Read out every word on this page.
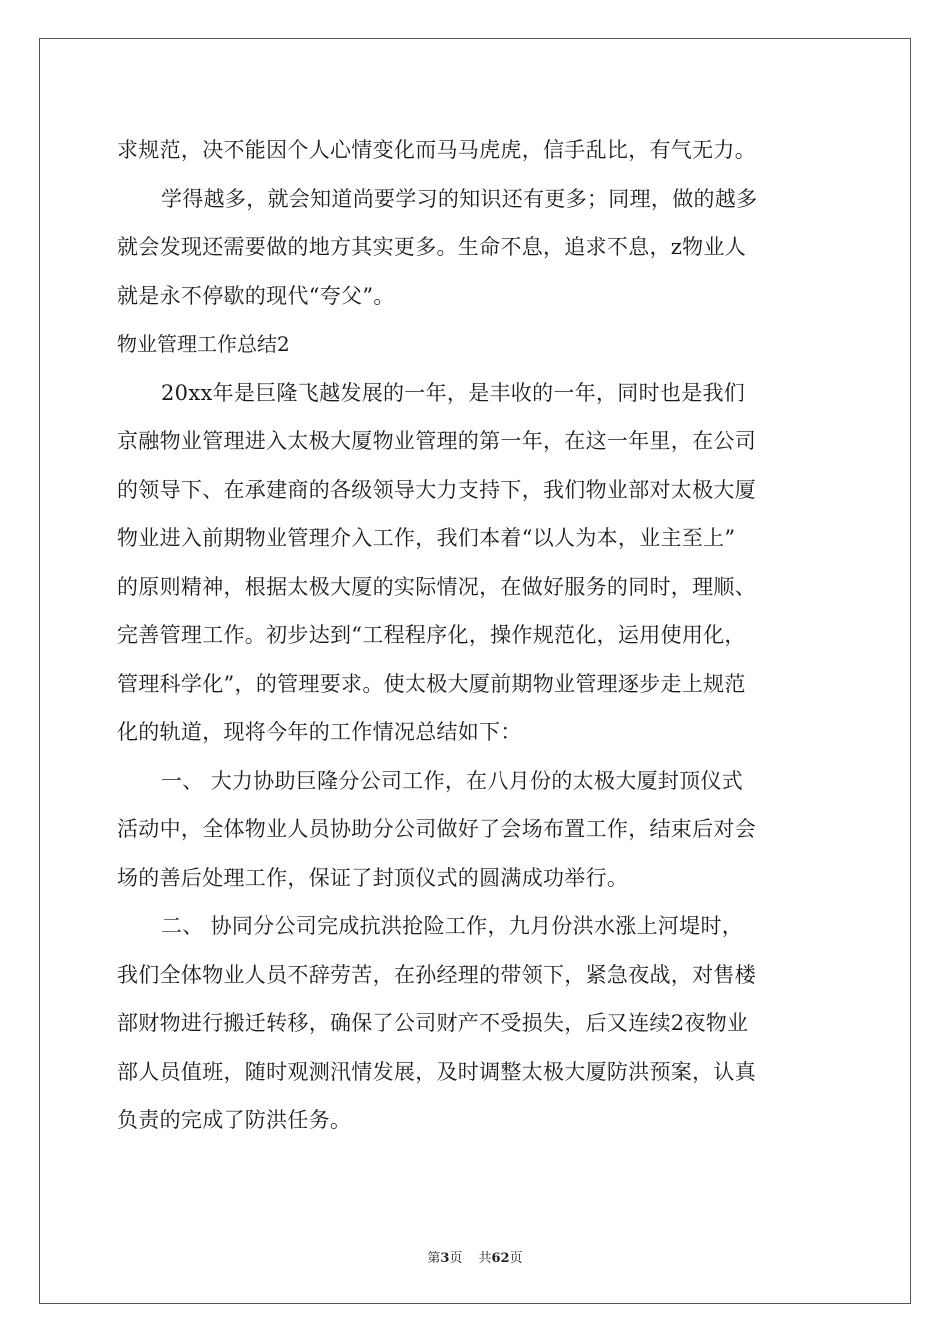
求规范，决不能因个人心情变化而马马虎虎，信手乱比，有气无力。
学得越多，就会知道尚要学习的知识还有更多；同理，做的越多
就会发现还需要做的地方其实更多。生命不息，追求不息，z物业人
就是永不停歇的现代“夸父”。
物业管理工作总结2
20xx年是巨隆飞越发展的一年，是丰收的一年，同时也是我们
京融物业管理进入太极大厦物业管理的第一年，在这一年里，在公司
的领导下、在承建商的各级领导大力支持下，我们物业部对太极大厦
物业进入前期物业管理介入工作，我们本着“以人为本，业主至上”
的原则精神，根据太极大厦的实际情况，在做好服务的同时，理顺、
完善管理工作。初步达到“工程程序化，操作规范化，运用使用化，
管理科学化”，的管理要求。使太极大厦前期物业管理逐步走上规范
化的轨道，现将今年的工作情况总结如下：
一、 大力协助巨隆分公司工作，在八月份的太极大厦封顶仪式
活动中，全体物业人员协助分公司做好了会场布置工作，结束后对会
场的善后处理工作，保证了封顶仪式的圆满成功举行。
二、 协同分公司完成抗洪抢险工作，九月份洪水涨上河堤时，
我们全体物业人员不辞劳苦，在孙经理的带领下，紧急夜战，对售楼
部财物进行搬迁转移，确保了公司财产不受损失，后又连续2夜物业
部人员值班，随时观测汛情发展，及时调整太极大厦防洪预案，认真
负责的完成了防洪任务。
第3页 共62页
